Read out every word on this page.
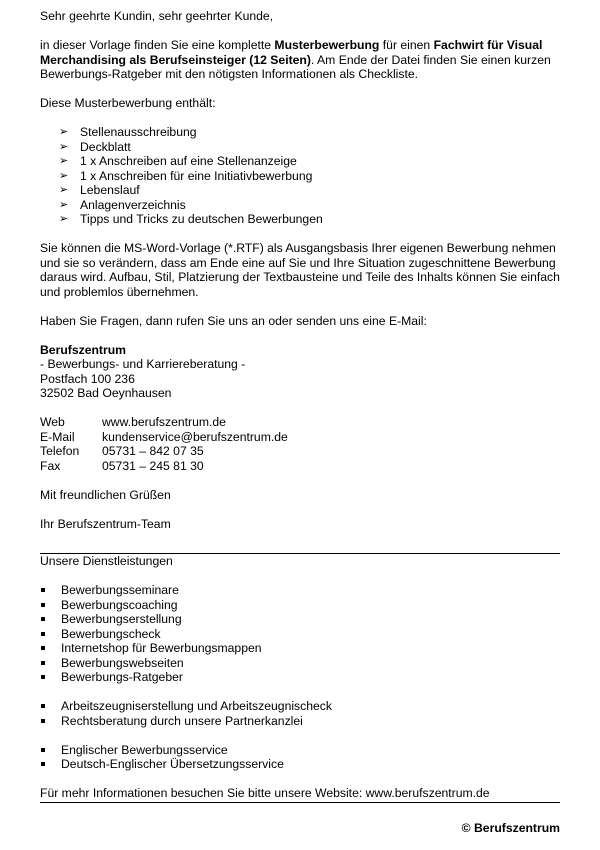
Sehr geehrte Kundin, sehr geehrter Kunde,

in dieser Vorlage finden Sie eine komplette Musterbewerbung für einen Fachwirt für Visual Merchandising als Berufseinsteiger (12 Seiten). Am Ende der Datei finden Sie einen kurzen Bewerbungs-Ratgeber mit den nötigsten Informationen als Checkliste.

Diese Musterbewerbung enthält:

➢ Stellenausschreibung
➢ Deckblatt
➢ 1 x Anschreiben auf eine Stellenanzeige
➢ 1 x Anschreiben für eine Initiativbewerbung
➢ Lebenslauf
➢ Anlagenverzeichnis
➢ Tipps und Tricks zu deutschen Bewerbungen

Sie können die MS-Word-Vorlage (*.RTF) als Ausgangsbasis Ihrer eigenen Bewerbung nehmen und sie so verändern, dass am Ende eine auf Sie und Ihre Situation zugeschnittene Bewerbung daraus wird. Aufbau, Stil, Platzierung der Textbausteine und Teile des Inhalts können Sie einfach und problemlos übernehmen.

Haben Sie Fragen, dann rufen Sie uns an oder senden uns eine E-Mail:

Berufszentrum

- Bewerbungs- und Karriereberatung -

Postfach 100 236

32502 Bad Oeynhausen

Web	www.berufszentrum.de
E-Mail	kundenservice@berufszentrum.de
Telefon	05731 – 842 07 35
Fax	05731 – 245 81 30

Mit freundlichen Grüßen

Ihr Berufszentrum-Team

Unsere Dienstleistungen

Bewerbungsseminare
Bewerbungscoaching
Bewerbungserstellung
Bewerbungscheck
Internetshop für Bewerbungsmappen
Bewerbungswebseiten
Bewerbungs-Ratgeber
Arbeitszeugniserstellung und Arbeitszeugnischeck
Rechtsberatung durch unsere Partnerkanzlei
Englischer Bewerbungsservice
Deutsch-Englischer Übersetzungsservice

Für mehr Informationen besuchen Sie bitte unsere Website: www.berufszentrum.de

© Berufszentrum
